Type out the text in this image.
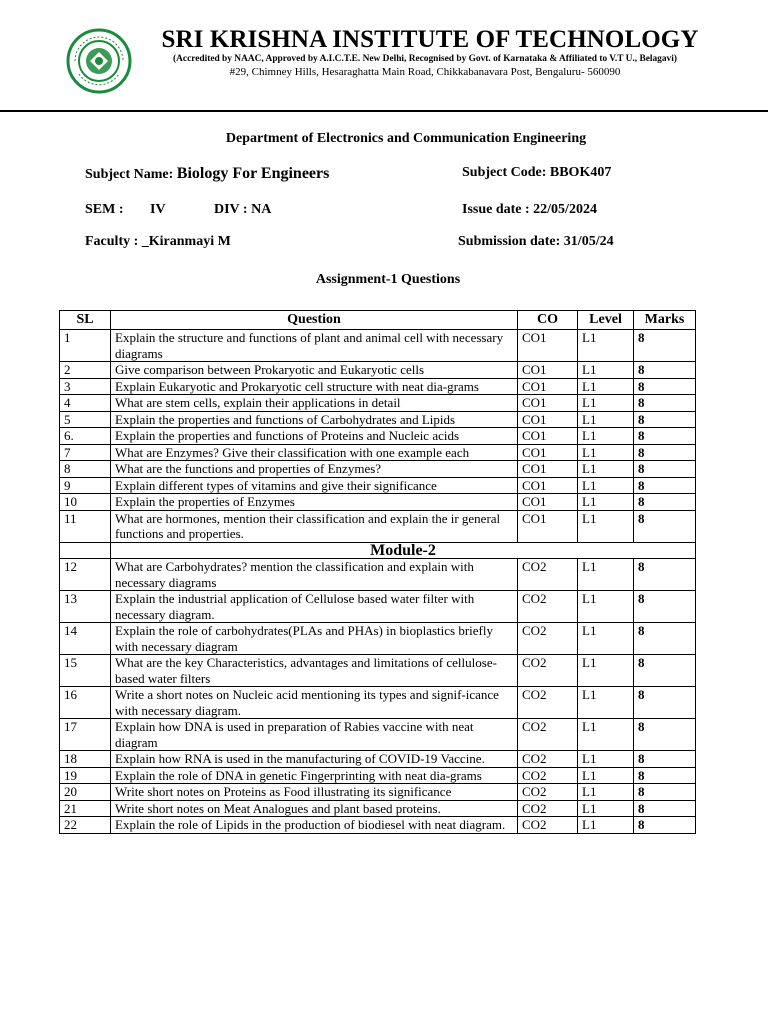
SRI KRISHNA INSTITUTE OF TECHNOLOGY
(Accredited by NAAC, Approved by A.I.C.T.E. New Delhi, Recognised by Govt. of Karnataka & Affiliated to V.T U., Belagavi)
#29, Chimney Hills, Hesaraghatta Main Road, Chikkabanavara Post, Bengaluru- 560090
Department of Electronics and Communication Engineering
Subject Name: Biology For Engineers	Subject Code: BBOK407
SEM : IV	DIV : NA	Issue date : 22/05/2024
Faculty : _Kiranmayi M	Submission date: 31/05/24
Assignment-1 Questions
SL	Question	CO	Level	Marks
1	Explain the structure and functions of plant and animal cell with necessary diagrams	CO1	L1	8
2	Give comparison between Prokaryotic and Eukaryotic cells	CO1	L1	8
3	Explain Eukaryotic and Prokaryotic cell structure with neat dia-grams	CO1	L1	8
4	What are stem cells, explain their applications in detail	CO1	L1	8
5	Explain the properties and functions of Carbohydrates and Lipids	CO1	L1	8
6.	Explain the properties and functions of Proteins and Nucleic acids	CO1	L1	8
7	What are Enzymes? Give their classification with one example each	CO1	L1	8
8	What are the functions and properties of Enzymes?	CO1	L1	8
9	Explain different types of vitamins and give their significance	CO1	L1	8
10	Explain the properties of Enzymes	CO1	L1	8
11	What are hormones, mention their classification and explain the ir general functions and properties.	CO1	L1	8
	Module-2			
12	What are Carbohydrates? mention the classification and explain with necessary diagrams	CO2	L1	8
13	Explain the industrial application of Cellulose based water filter with necessary diagram.	CO2	L1	8
14	Explain the role of carbohydrates(PLAs and PHAs) in bioplastics briefly with necessary diagram	CO2	L1	8
15	What are the key Characteristics, advantages and limitations of cellulose-based water filters	CO2	L1	8
16	Write a short notes on Nucleic acid mentioning its types and signif-icance with necessary diagram.	CO2	L1	8
17	Explain how DNA is used in preparation of Rabies vaccine with neat diagram	CO2	L1	8
18	Explain how RNA is used in the manufacturing of COVID-19 Vaccine.	CO2	L1	8
19	Explain the role of DNA in genetic Fingerprinting with neat dia-grams	CO2	L1	8
20	Write short notes on Proteins as Food illustrating its significance	CO2	L1	8
21	Write short notes on Meat Analogues and plant based proteins.	CO2	L1	8
22	Explain the role of Lipids in the production of biodiesel with neat diagram.	CO2	L1	8
